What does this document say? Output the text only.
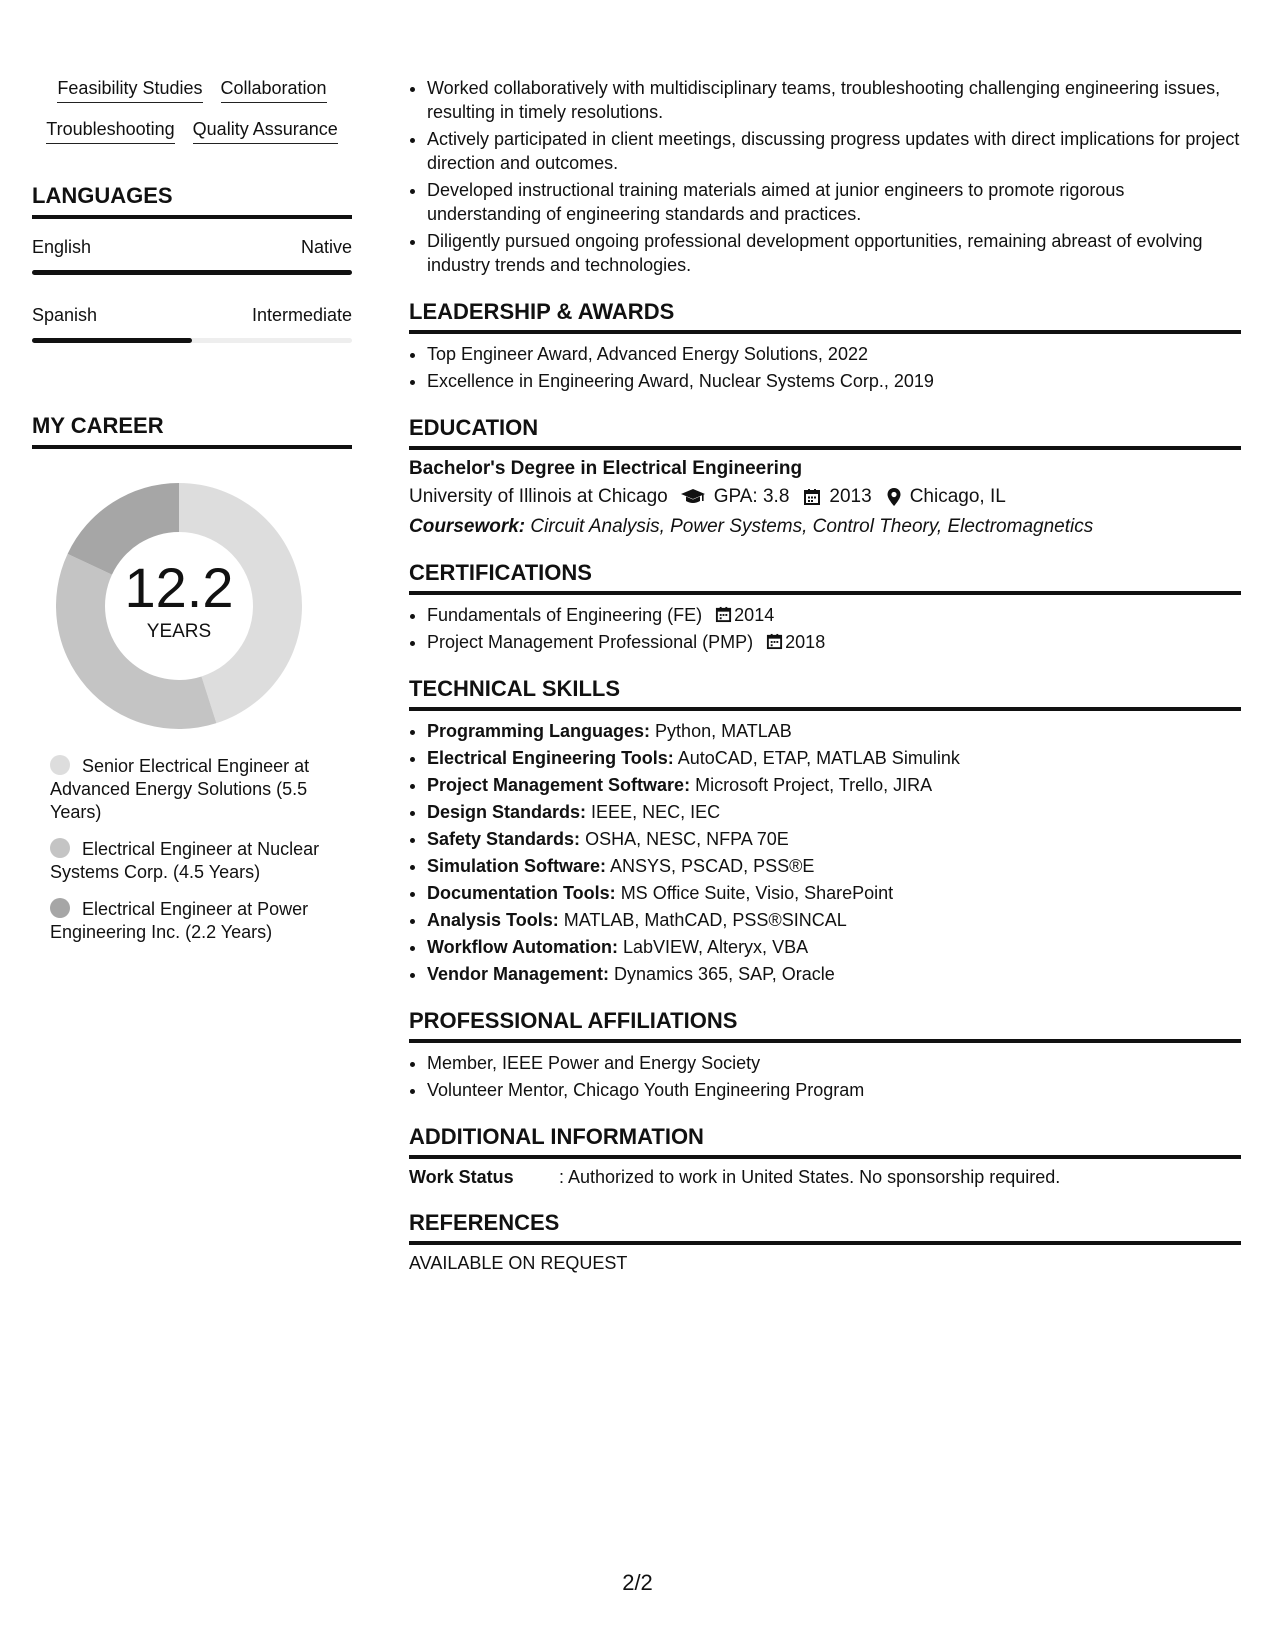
Feasibility Studies Collaboration
Troubleshooting Quality Assurance
LANGUAGES
English	Native
Spanish	Intermediate
MY CAREER
12.2
YEARS
Senior Electrical Engineer at Advanced Energy Solutions (5.5 Years)
Electrical Engineer at Nuclear Systems Corp. (4.5 Years)
Electrical Engineer at Power Engineering Inc. (2.2 Years)
• Worked collaboratively with multidisciplinary teams, troubleshooting challenging engineering issues, resulting in timely resolutions.
• Actively participated in client meetings, discussing progress updates with direct implications for project direction and outcomes.
• Developed instructional training materials aimed at junior engineers to promote rigorous understanding of engineering standards and practices.
• Diligently pursued ongoing professional development opportunities, remaining abreast of evolving industry trends and technologies.
LEADERSHIP & AWARDS
• Top Engineer Award, Advanced Energy Solutions, 2022
• Excellence in Engineering Award, Nuclear Systems Corp., 2019
EDUCATION
Bachelor's Degree in Electrical Engineering
University of Illinois at Chicago GPA: 3.8 2013 Chicago, IL
Coursework: Circuit Analysis, Power Systems, Control Theory, Electromagnetics
CERTIFICATIONS
• Fundamentals of Engineering (FE) 2014
• Project Management Professional (PMP) 2018
TECHNICAL SKILLS
• Programming Languages: Python, MATLAB
• Electrical Engineering Tools: AutoCAD, ETAP, MATLAB Simulink
• Project Management Software: Microsoft Project, Trello, JIRA
• Design Standards: IEEE, NEC, IEC
• Safety Standards: OSHA, NESC, NFPA 70E
• Simulation Software: ANSYS, PSCAD, PSS®E
• Documentation Tools: MS Office Suite, Visio, SharePoint
• Analysis Tools: MATLAB, MathCAD, PSS®SINCAL
• Workflow Automation: LabVIEW, Alteryx, VBA
• Vendor Management: Dynamics 365, SAP, Oracle
PROFESSIONAL AFFILIATIONS
• Member, IEEE Power and Energy Society
• Volunteer Mentor, Chicago Youth Engineering Program
ADDITIONAL INFORMATION
Work Status	: Authorized to work in United States. No sponsorship required.
REFERENCES
AVAILABLE ON REQUEST
2/2
